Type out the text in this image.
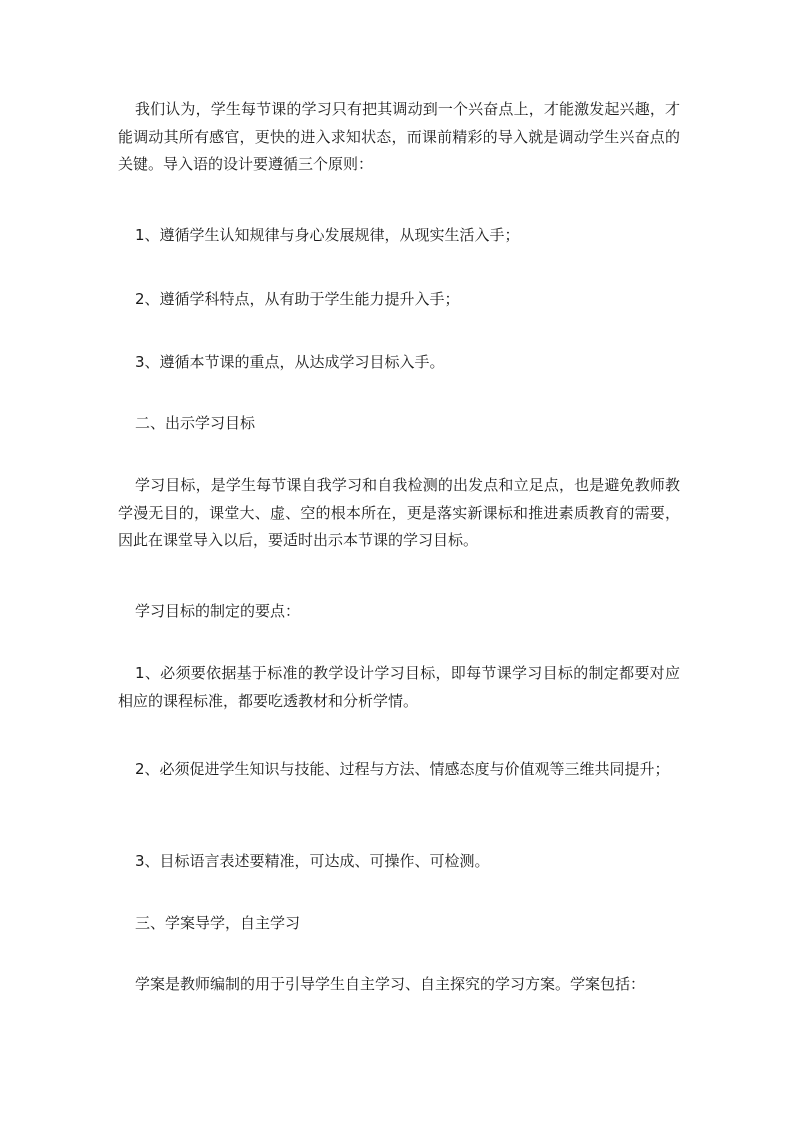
我们认为，学生每节课的学习只有把其调动到一个兴奋点上，才能激发起兴趣，才能调动其所有感官，更快的进入求知状态，而课前精彩的导入就是调动学生兴奋点的关键。导入语的设计要遵循三个原则：

1、遵循学生认知规律与身心发展规律，从现实生活入手；

2、遵循学科特点，从有助于学生能力提升入手；

3、遵循本节课的重点，从达成学习目标入手。

二、出示学习目标

学习目标，是学生每节课自我学习和自我检测的出发点和立足点，也是避免教师教学漫无目的，课堂大、虚、空的根本所在，更是落实新课标和推进素质教育的需要，因此在课堂导入以后，要适时出示本节课的学习目标。

学习目标的制定的要点：

1、必须要依据基于标准的教学设计学习目标，即每节课学习目标的制定都要对应相应的课程标准，都要吃透教材和分析学情。

2、必须促进学生知识与技能、过程与方法、情感态度与价值观等三维共同提升；

3、目标语言表述要精准，可达成、可操作、可检测。

三、学案导学，自主学习

学案是教师编制的用于引导学生自主学习、自主探究的学习方案。学案包括：
